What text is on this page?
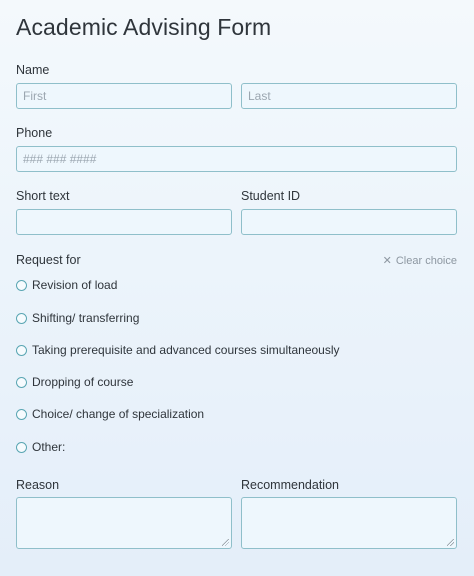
Academic Advising Form
Name
First
Last
Phone
### ### ####
Short text	Student ID
Request for	✕ Clear choice
Revision of load
Shifting/ transferring
Taking prerequisite and advanced courses simultaneously
Dropping of course
Choice/ change of specialization
Other:
Reason	Recommendation
